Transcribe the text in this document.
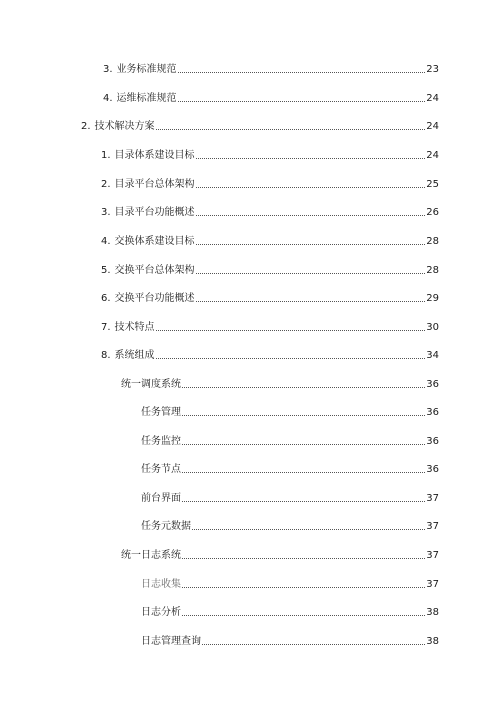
3. 业务标准规范	23
4. 运维标准规范	24
2. 技术解决方案	24
1. 目录体系建设目标	24
2. 目录平台总体架构	25
3. 目录平台功能概述	26
4. 交换体系建设目标	28
5. 交换平台总体架构	28
6. 交换平台功能概述	29
7. 技术特点	30
8. 系统组成	34
统一调度系统	36
任务管理	36
任务监控	36
任务节点	36
前台界面	37
任务元数据	37
统一日志系统	37
日志收集	37
日志分析	38
日志管理查询	38
